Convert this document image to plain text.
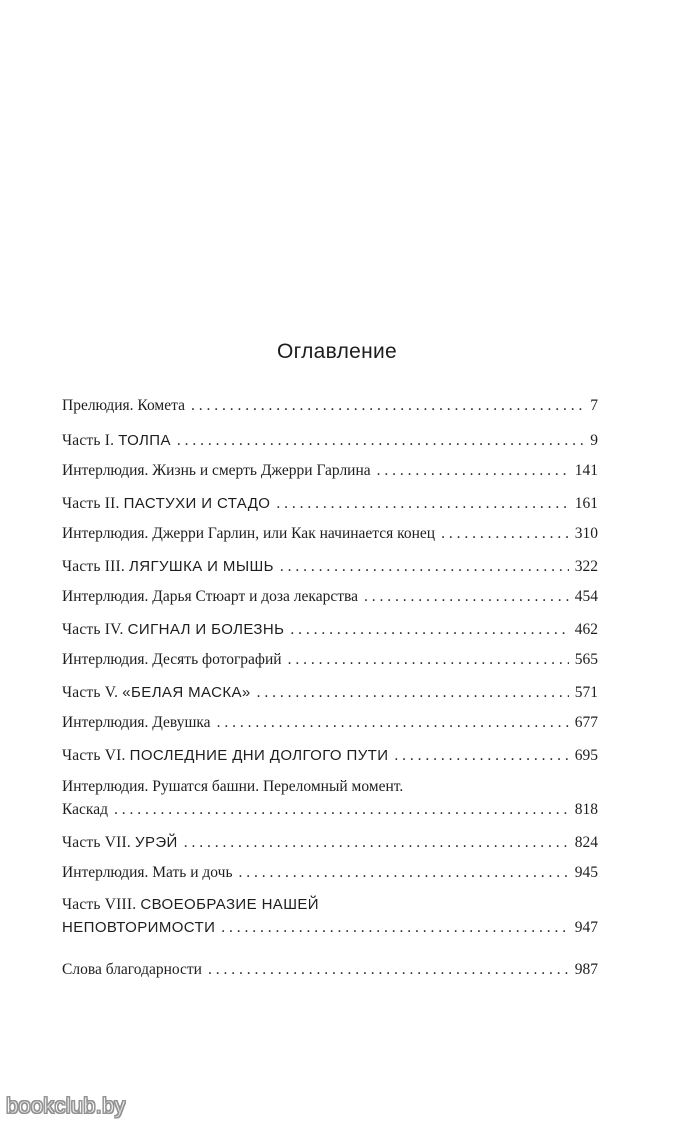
Оглавление
Прелюдия. Комета . . .	7
Часть I. ТОЛПА . . .	9
Интерлюдия. Жизнь и смерть Джерри Гарлина . . .	141
Часть II. ПАСТУХИ И СТАДО . . .	161
Интерлюдия. Джерри Гарлин, или Как начинается конец . . .	310
Часть III. ЛЯГУШКА И МЫШЬ . . .	322
Интерлюдия. Дарья Стюарт и доза лекарства . . .	454
Часть IV. СИГНАЛ И БОЛЕЗНЬ . . .	462
Интерлюдия. Десять фотографий . . .	565
Часть V. «БЕЛАЯ МАСКА» . . .	571
Интерлюдия. Девушка . . .	677
Часть VI. ПОСЛЕДНИЕ ДНИ ДОЛГОГО ПУТИ . . .	695
Интерлюдия. Рушатся башни. Переломный момент.
Каскад . . .	818
Часть VII. УРЭЙ . . .	824
Интерлюдия. Мать и дочь . . .	945
Часть VIII. СВОЕОБРАЗИЕ НАШЕЙ
НЕПОВТОРИМОСТИ . . .	947
Слова благодарности . . .	987
bookclub.by
